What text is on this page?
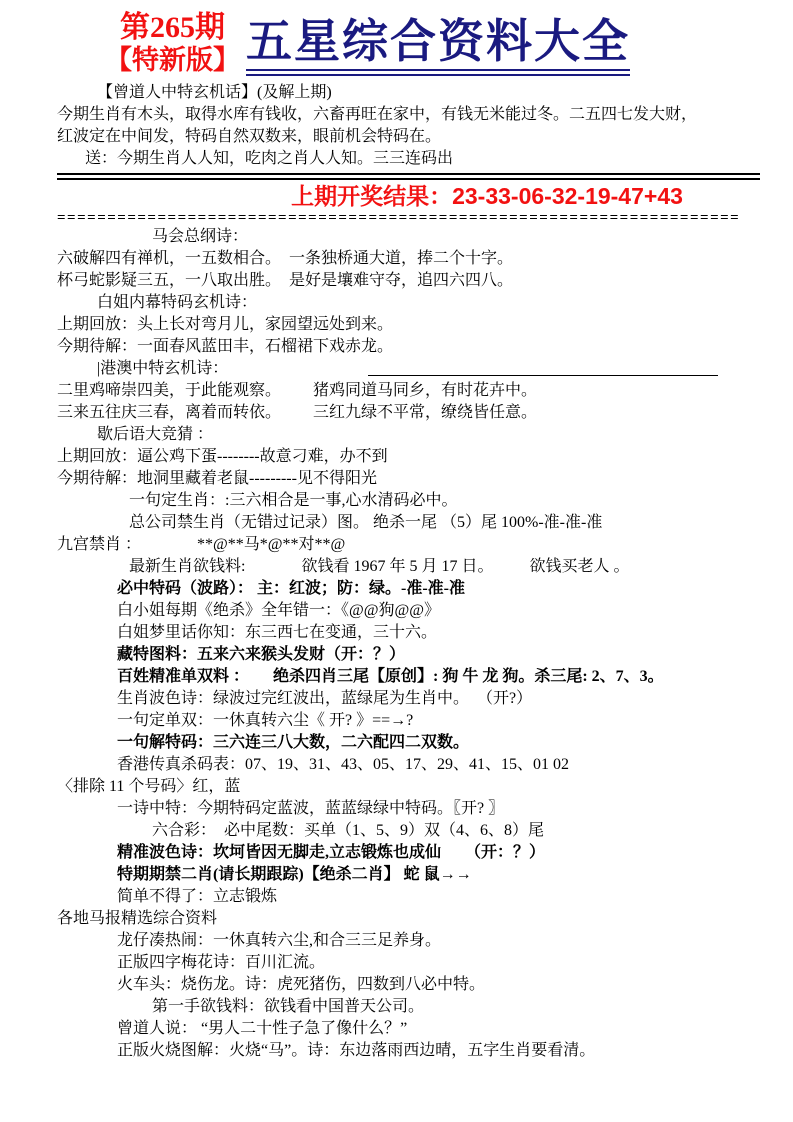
第265期
【特新版】 五星综合资料大全
【曾道人中特玄机话】(及解上期)
今期生肖有木头，取得水库有钱收，六畜再旺在家中，有钱无米能过冬。二五四七发大财，
红波定在中间发，特码自然双数来，眼前机会特码在。
送：今期生肖人人知，吃肉之肖人人知。三三连码出
上期开奖结果：23-33-06-32-19-47+43
====================================================================
马会总纲诗：
六破解四有禅机，一五数相合。  一条独桥通大道，捧二个十字。
杯弓蛇影疑三五，一八取出胜。  是好是壤难守夺，追四六四八。
白姐内幕特码玄机诗：
上期回放：头上长对弯月儿，家园望远处到来。
今期待解：一面春风蓝田丰，石榴裙下戏赤龙。
|港澳中特玄机诗：
二里鸡啼崇四美，于此能观察。        猪鸡同道马同乡，有时花卉中。
三来五往庆三春，离着而转依。        三红九绿不平常，缭绕皆任意。
歇后语大竞猜 ：
上期回放：逼公鸡下蛋--------故意刁难，办不到
今期待解：地洞里藏着老鼠---------见不得阳光
一句定生肖：:三六相合是一事,心水清码必中。
总公司禁生肖（无错过记录）图。 绝杀一尾 （5）尾 100%-准-准-准
九宫禁肖 ：              **@**马*@**对**@
最新生肖欲钱料:              欲钱看 1967 年 5 月 17 日。         欲钱买老人 。
必中特码（波路）： 主：红波；防：绿。-准-准-准
白小姐每期《绝杀》全年错一：《@@狗@@》
白姐梦里话你知：东三西七在变通，三十六。
藏特图料：五来六来猴头发财（开：？）
百姓精准单双料 ：      绝杀四肖三尾【原创】: 狗 牛 龙 狗。杀三尾: 2、7、3。
生肖波色诗：绿波过完红波出，蓝绿尾为生肖中。  （开?）
一句定单双：一休真转六尘《 开? 》==→?
一句解特码：三六连三八大数，二六配四二双数。
香港传真杀码表：07、19、31、43、05、17、29、41、15、01 02
〈排除 11 个号码〉红，蓝
一诗中特：今期特码定蓝波，蓝蓝绿绿中特码。〖开? 〗
六合彩：  必中尾数：买单（1、5、9）双（4、6、8）尾
精准波色诗：坎坷皆因无脚走,立志锻炼也成仙      （开：？）
特期期禁二肖(请长期跟踪)【绝杀二肖】 蛇 鼠→→
简单不得了：立志锻炼
各地马报精选综合资料
龙仔凑热闹：一休真转六尘,和合三三足养身。
正版四字梅花诗：百川汇流。
火车头：烧伤龙。诗：虎死猪伤，四数到八必中特。
第一手欲钱料：欲钱看中国普天公司。
曾道人说： “男人二十性子急了像什么？”
正版火烧图解：火烧“马”。诗：东边落雨西边晴，五字生肖要看清。
